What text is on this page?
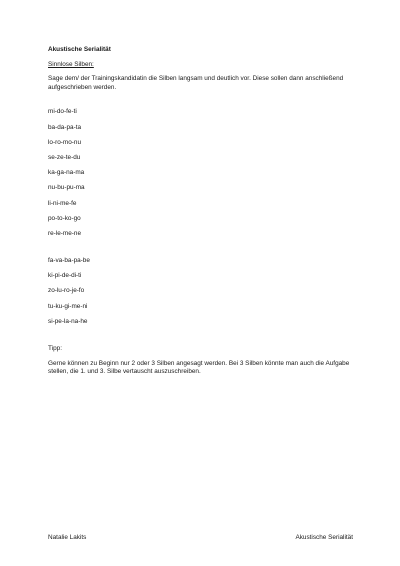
Akustische Serialität
Sinnlose Silben:
Sage dem/ der Trainingskandidatin die Silben langsam und deutlich vor. Diese sollen dann anschließend aufgeschrieben werden.
mi-do-fe-ti
ba-da-pa-ta
lo-ro-mo-nu
se-ze-te-du
ka-ga-na-ma
nu-bu-pu-ma
li-ni-me-fe
po-to-ko-go
re-le-me-ne
fa-va-ba-pa-be
ki-pi-de-di-ti
zo-lu-ro-je-fo
tu-ku-gi-me-ni
si-pe-la-na-he
Tipp:
Gerne können zu Beginn nur 2 oder 3 Silben angesagt werden. Bei 3 Silben könnte man auch die Aufgabe stellen, die 1. und 3. Silbe vertauscht auszuschreiben.
Natalie Lakits	Akustische Serialität
